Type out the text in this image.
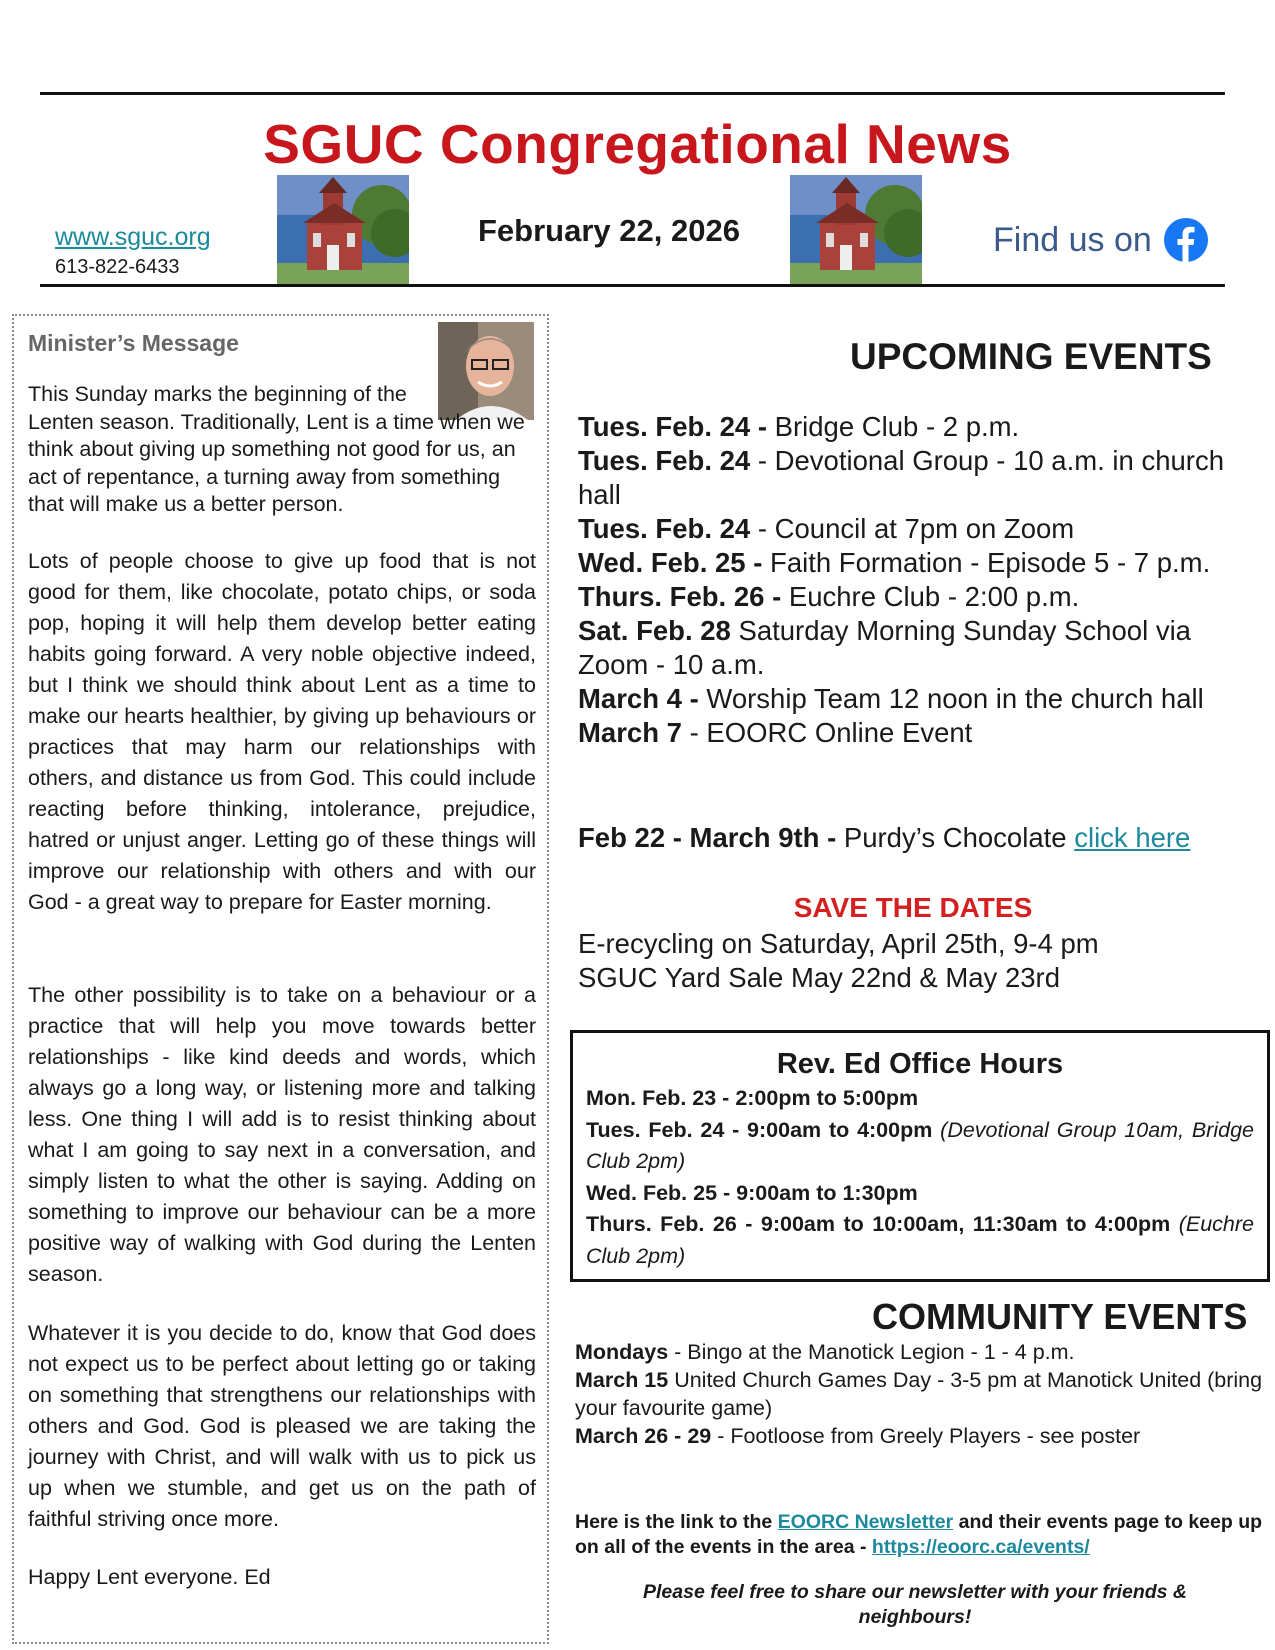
SGUC Congregational News
www.sguc.org
613-822-6433
February 22, 2026	Find us on
Minister’s Message

This Sunday marks the beginning of the
Lenten season. Traditionally, Lent is a time when we think about giving up something not good for us, an act of repentance, a turning away from something that will make us a better person.

Lots of people choose to give up food that is not good for them, like chocolate, potato chips, or soda pop, hoping it will help them develop better eating habits going forward. A very noble objective indeed, but I think we should think about Lent as a time to make our hearts healthier, by giving up behaviours or practices that may harm our relationships with others, and distance us from God. This could include reacting before thinking, intolerance, prejudice, hatred or unjust anger. Letting go of these things will improve our relationship with others and with our God - a great way to prepare for Easter morning.

The other possibility is to take on a behaviour or a practice that will help you move towards better relationships - like kind deeds and words, which always go a long way, or listening more and talking less. One thing I will add is to resist thinking about what I am going to say next in a conversation, and simply listen to what the other is saying. Adding on something to improve our behaviour can be a more positive way of walking with God during the Lenten season.

Whatever it is you decide to do, know that God does not expect us to be perfect about letting go or taking on something that strengthens our relationships with others and God. God is pleased we are taking the journey with Christ, and will walk with us to pick us up when we stumble, and get us on the path of faithful striving once more.

Happy Lent everyone. Ed

UPCOMING EVENTS

Tues. Feb. 24 - Bridge Club - 2 p.m.

Tues. Feb. 24 - Devotional Group - 10 a.m. in church hall

Tues. Feb. 24 - Council at 7pm on Zoom

Wed. Feb. 25 - Faith Formation - Episode 5 - 7 p.m.

Thurs. Feb. 26 - Euchre Club - 2:00 p.m.

Sat. Feb. 28 Saturday Morning Sunday School via Zoom - 10 a.m.

March 4 - Worship Team 12 noon in the church hall

March 7 - EOORC Online Event

Feb 22 - March 9th - Purdy’s Chocolate click here
SAVE THE DATES
E-recycling on Saturday, April 25th, 9-4 pm
SGUC Yard Sale May 22nd & May 23rd
Rev. Ed Office Hours

Mon. Feb. 23 - 2:00pm to 5:00pm

Tues. Feb. 24 - 9:00am to 4:00pm (Devotional Group 10am, Bridge Club 2pm)

Wed. Feb. 25 - 9:00am to 1:30pm

Thurs. Feb. 26 - 9:00am to 10:00am, 11:30am to 4:00pm (Euchre Club 2pm)

COMMUNITY EVENTS

Mondays - Bingo at the Manotick Legion - 1 - 4 p.m.

March 15 United Church Games Day - 3-5 pm at Manotick United (bring your favourite game)

March 26 - 29 - Footloose from Greely Players - see poster

Here is the link to the EOORC Newsletter and their events page to keep up on all of the events in the area - https://eoorc.ca/events/
Please feel free to share our newsletter with your friends & neighbours!
